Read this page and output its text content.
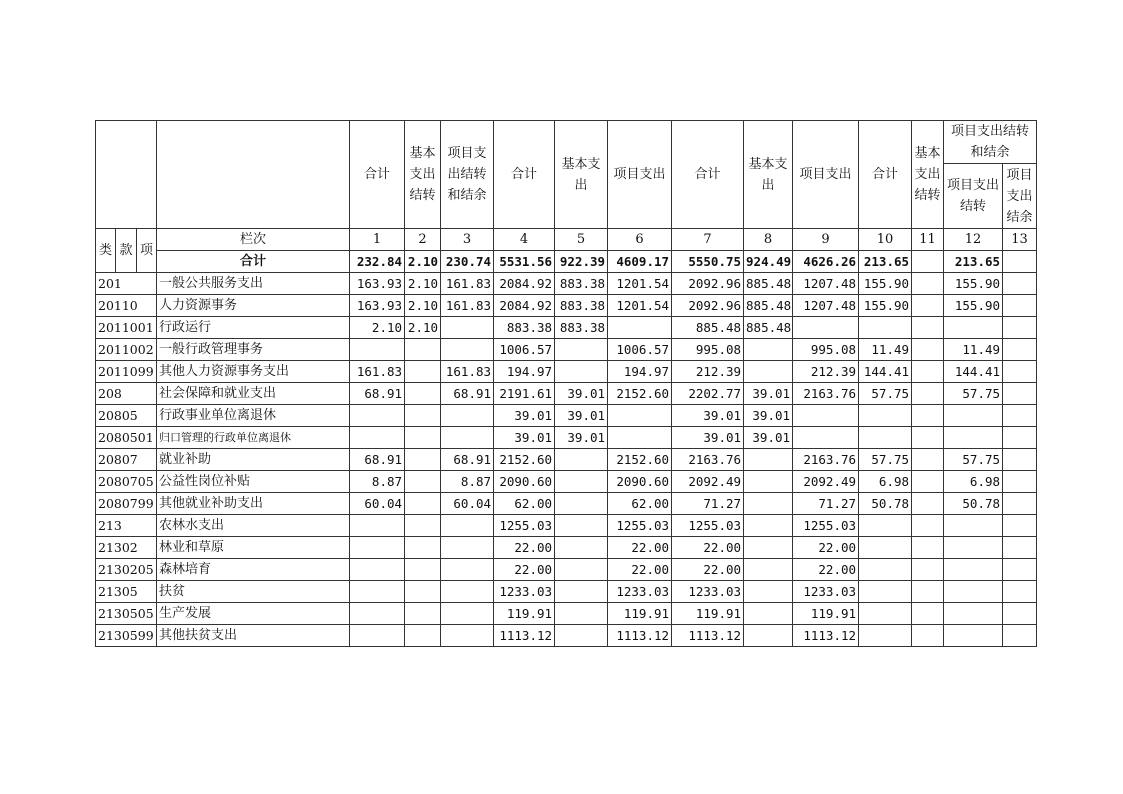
				合计	基本支出结转	项目支出结转和结余	合计	基本支出	项目支出	合计	基本支出	项目支出	合计	基本支出结转	项目支出结转和结余	
															项目支出结转	项目支出结余
类	款	项	栏次	1	2	3	4	5	6	7	8	9	10	11	12	13
			合计	232.84	2.10	230.74	5531.56	922.39	4609.17	5550.75	924.49	4626.26	213.65		213.65	
201			一般公共服务支出	163.93	2.10	161.83	2084.92	883.38	1201.54	2092.96	885.48	1207.48	155.90		155.90	
20110			人力资源事务	163.93	2.10	161.83	2084.92	883.38	1201.54	2092.96	885.48	1207.48	155.90		155.90	
2011001			行政运行	2.10	2.10		883.38	883.38		885.48	885.48					
2011002			一般行政管理事务				1006.57		1006.57	995.08		995.08	11.49		11.49	
2011099			其他人力资源事务支出	161.83		161.83	194.97		194.97	212.39		212.39	144.41		144.41	
208			社会保障和就业支出	68.91		68.91	2191.61	39.01	2152.60	2202.77	39.01	2163.76	57.75		57.75	
20805			行政事业单位离退休				39.01	39.01		39.01	39.01					
2080501			归口管理的行政单位离退休				39.01	39.01		39.01	39.01					
20807			就业补助	68.91		68.91	2152.60		2152.60	2163.76		2163.76	57.75		57.75	
2080705			公益性岗位补贴	8.87		8.87	2090.60		2090.60	2092.49		2092.49	6.98		6.98	
2080799			其他就业补助支出	60.04		60.04	62.00		62.00	71.27		71.27	50.78		50.78	
213			农林水支出				1255.03		1255.03	1255.03		1255.03				
21302			林业和草原				22.00		22.00	22.00		22.00				
2130205			森林培育				22.00		22.00	22.00		22.00				
21305			扶贫				1233.03		1233.03	1233.03		1233.03				
2130505			生产发展				119.91		119.91	119.91		119.91				
2130599			其他扶贫支出				1113.12		1113.12	1113.12		1113.12				
